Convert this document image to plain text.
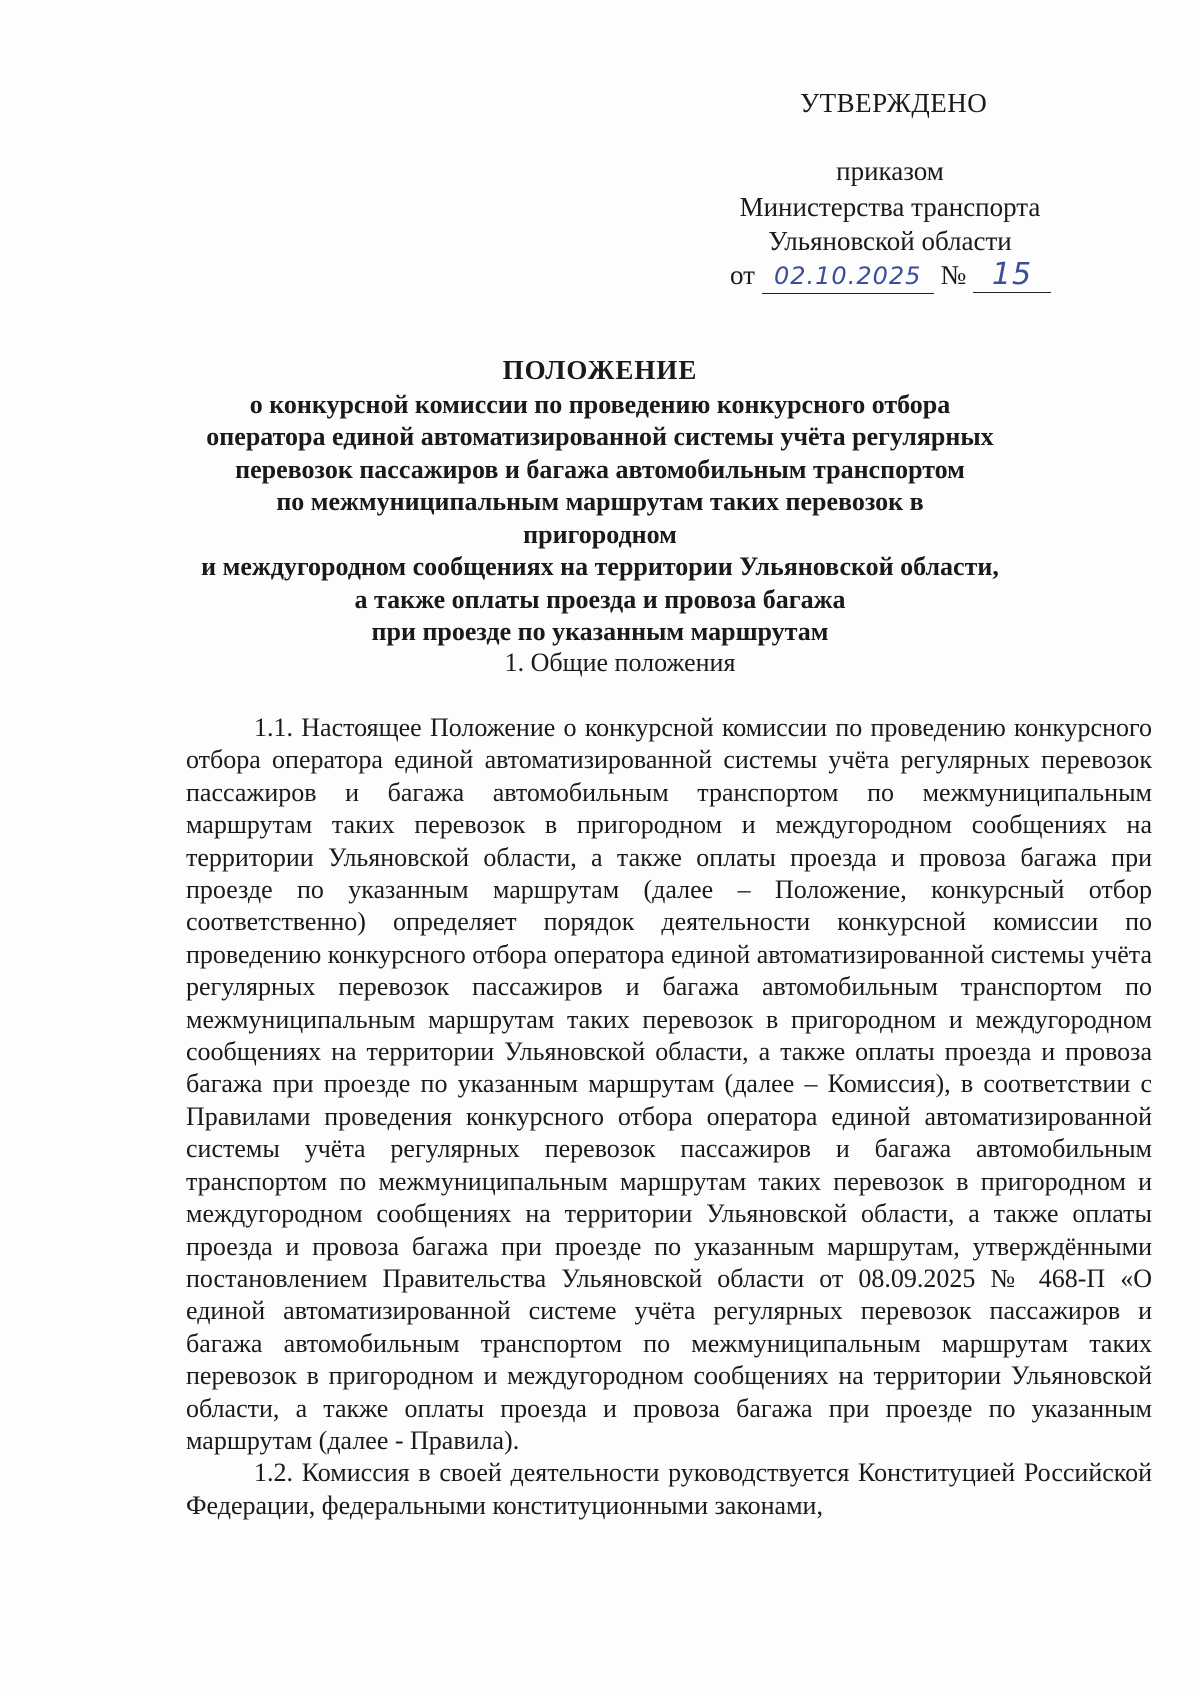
УТВЕРЖДЕНО
приказом
Министерства транспорта
Ульяновской области
от 02.10.2025 № 15
ПОЛОЖЕНИЕ
о конкурсной комиссии по проведению конкурсного отбора
оператора единой автоматизированной системы учёта регулярных
перевозок пассажиров и багажа автомобильным транспортом
по межмуниципальным маршрутам таких перевозок в пригородном
и междугородном сообщениях на территории Ульяновской области,
а также оплаты проезда и провоза багажа
при проезде по указанным маршрутам
1. Общие положения

1.1. Настоящее Положение о конкурсной комиссии по проведению конкурсного отбора оператора единой автоматизированной системы учёта регулярных перевозок пассажиров и багажа автомобильным транспортом по межмуниципальным маршрутам таких перевозок в пригородном и междугородном сообщениях на территории Ульяновской области, а также оплаты проезда и провоза багажа при проезде по указанным маршрутам (далее – Положение, конкурсный отбор соответственно) определяет порядок деятельности конкурсной комиссии по проведению конкурсного отбора оператора единой автоматизированной системы учёта регулярных перевозок пассажиров и багажа автомобильным транспортом по межмуниципальным маршрутам таких перевозок в пригородном и междугородном сообщениях на территории Ульяновской области, а также оплаты проезда и провоза багажа при проезде по указанным маршрутам (далее – Комиссия), в соответствии с Правилами проведения конкурсного отбора оператора единой автоматизированной системы учёта регулярных перевозок пассажиров и багажа автомобильным транспортом по межмуниципальным маршрутам таких перевозок в пригородном и междугородном сообщениях на территории Ульяновской области, а также оплаты проезда и провоза багажа при проезде по указанным маршрутам, утверждёнными постановлением Правительства Ульяновской области от 08.09.2025 № 468-П «О единой автоматизированной системе учёта регулярных перевозок пассажиров и багажа автомобильным транспортом по межмуниципальным маршрутам таких перевозок в пригородном и междугородном сообщениях на территории Ульяновской области, а также оплаты проезда и провоза багажа при проезде по указанным маршрутам (далее - Правила).

1.2. Комиссия в своей деятельности руководствуется Конституцией Российской Федерации, федеральными конституционными законами,
